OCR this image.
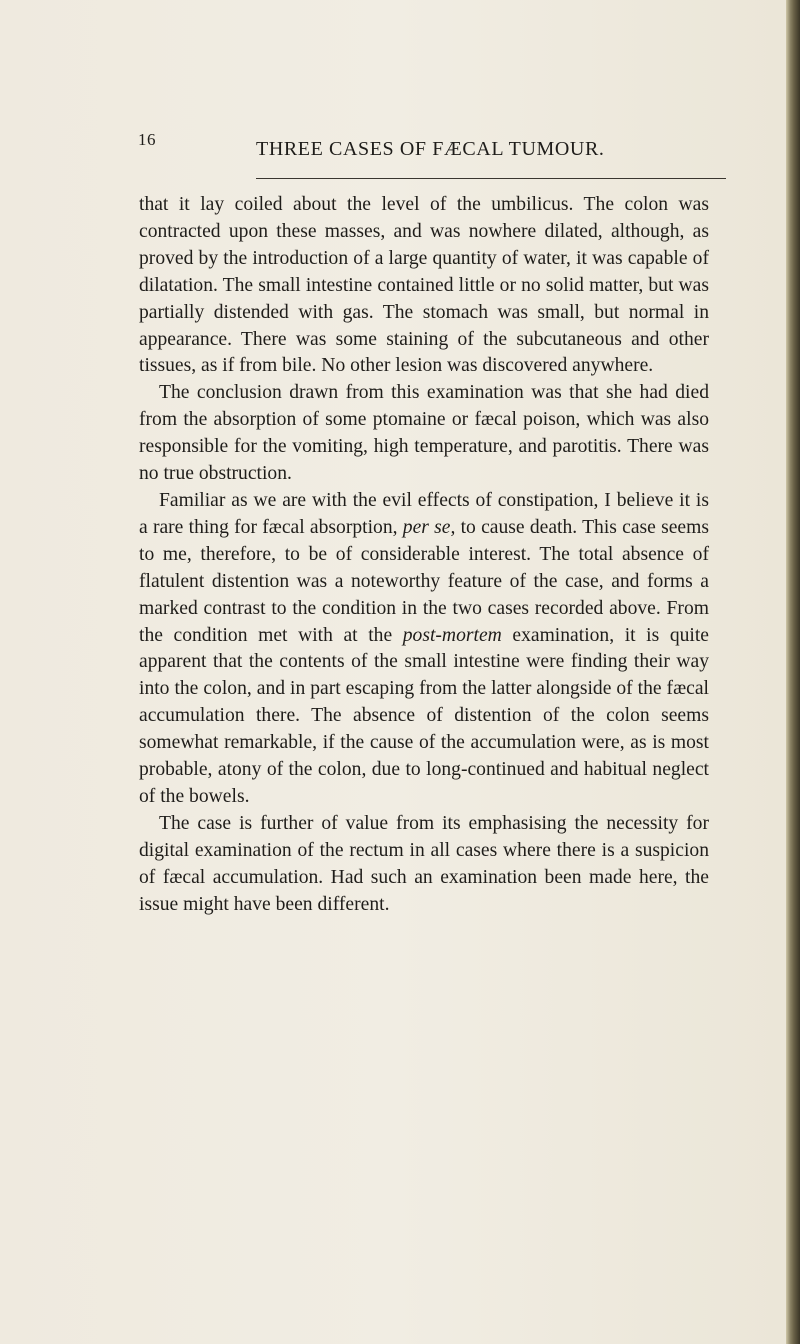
16	THREE CASES OF FÆCAL TUMOUR.

that it lay coiled about the level of the umbilicus. The colon was contracted upon these masses, and was nowhere dilated, although, as proved by the introduction of a large quantity of water, it was capable of dilatation. The small intestine contained little or no solid matter, but was partially distended with gas. The stomach was small, but normal in appearance. There was some staining of the subcutaneous and other tissues, as if from bile. No other lesion was discovered anywhere.

The conclusion drawn from this examination was that she had died from the absorption of some ptomaine or fæcal poison, which was also responsible for the vomiting, high temperature, and parotitis. There was no true obstruction.

Familiar as we are with the evil effects of constipation, I believe it is a rare thing for fæcal absorption, per se, to cause death. This case seems to me, therefore, to be of considerable interest. The total absence of flatulent distention was a noteworthy feature of the case, and forms a marked contrast to the condition in the two cases recorded above. From the condition met with at the post-mortem examination, it is quite apparent that the contents of the small intestine were finding their way into the colon, and in part escaping from the latter alongside of the fæcal accumulation there. The absence of distention of the colon seems somewhat remarkable, if the cause of the accumulation were, as is most probable, atony of the colon, due to long-continued and habitual neglect of the bowels.

The case is further of value from its emphasising the necessity for digital examination of the rectum in all cases where there is a suspicion of fæcal accumulation. Had such an examination been made here, the issue might have been different.
